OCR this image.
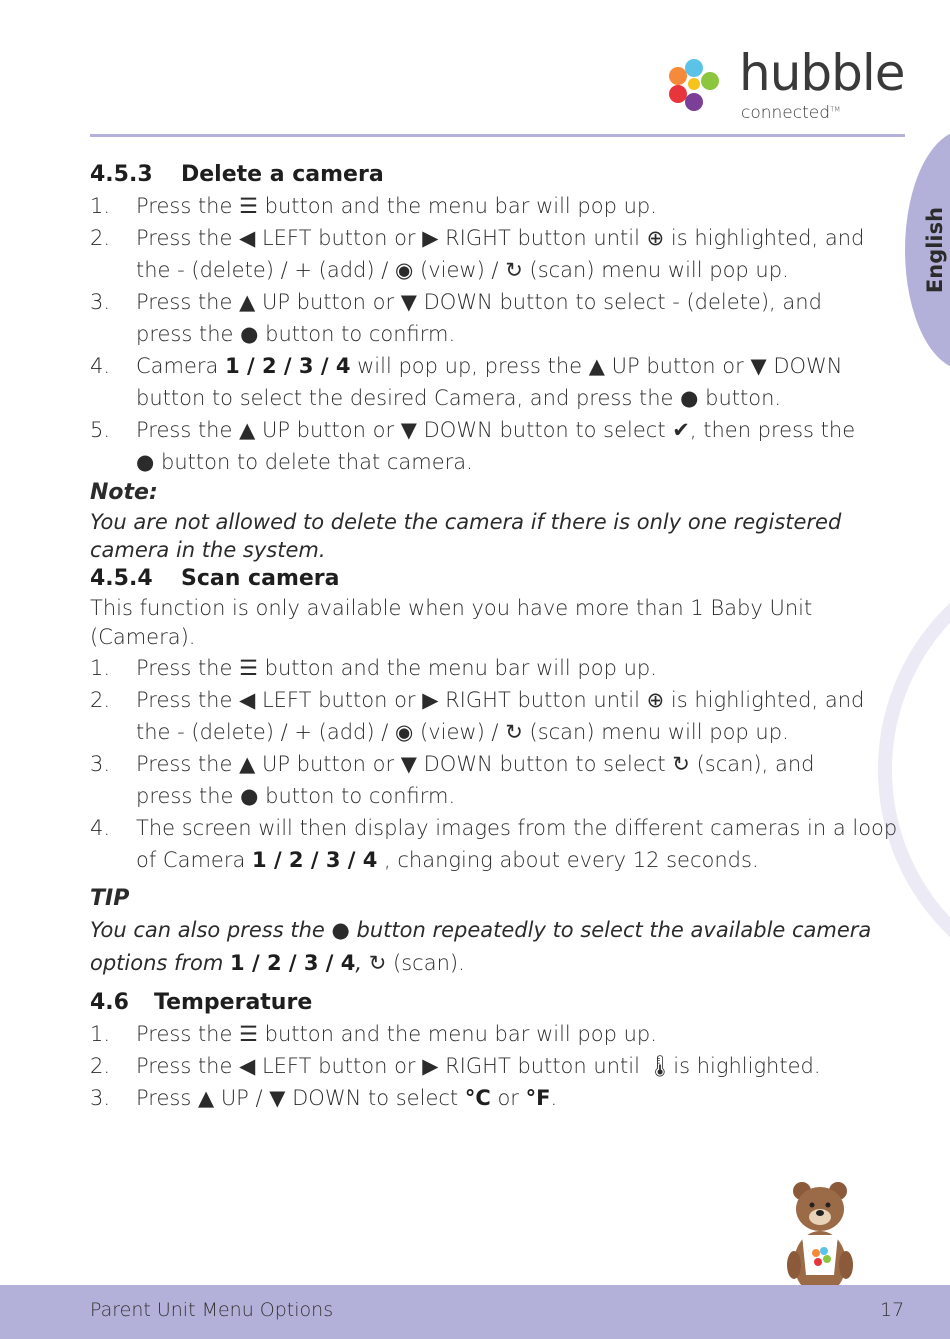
hubble
connected™
English
4.5.3 Delete a camera
1. Press the ☰ button and the menu bar will pop up.
2. Press the ◀ LEFT button or ▶ RIGHT button until ⊕ is highlighted, and
the - (delete) / + (add) / ◉ (view) / ↻ (scan) menu will pop up.
3. Press the ▲ UP button or ▼ DOWN button to select - (delete), and
press the ● button to confirm.
4. Camera 1 / 2 / 3 / 4 will pop up, press the ▲ UP button or ▼ DOWN
button to select the desired Camera, and press the ● button.
5. Press the ▲ UP button or ▼ DOWN button to select ✔, then press the
● button to delete that camera.
Note:
You are not allowed to delete the camera if there is only one registered camera in the system.
4.5.4 Scan camera
This function is only available when you have more than 1 Baby Unit (Camera).
1. Press the ☰ button and the menu bar will pop up.
2. Press the ◀ LEFT button or ▶ RIGHT button until ⊕ is highlighted, and
the - (delete) / + (add) / ◉ (view) / ↻ (scan) menu will pop up.
3. Press the ▲ UP button or ▼ DOWN button to select ↻ (scan), and
press the ● button to confirm.
4. The screen will then display images from the different cameras in a loop
of Camera 1 / 2 / 3 / 4 , changing about every 12 seconds.
TIP
You can also press the ● button repeatedly to select the available camera
options from 1 / 2 / 3 / 4, ↻ (scan).
4.6 Temperature
1. Press the ☰ button and the menu bar will pop up.
2. Press the ◀ LEFT button or ▶ RIGHT button until 🌡is highlighted.
3. Press ▲ UP / ▼ DOWN to select °C or °F.
Parent Unit Menu Options	17
